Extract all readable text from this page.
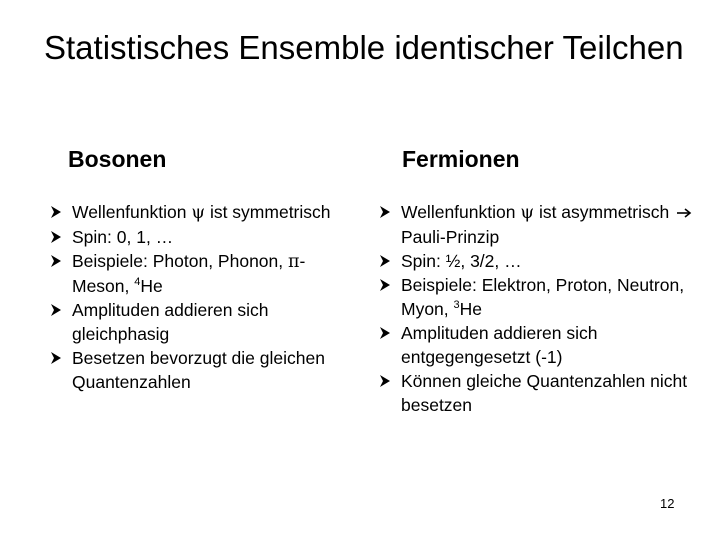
Statistisches Ensemble identischer Teilchen
Bosonen	Fermionen
Wellenfunktion ψ ist symmetrisch
Spin: 0, 1, …
Beispiele: Photon, Phonon, π-Meson, $^4$He
Amplituden addieren sich gleichphasig
Besetzen bevorzugt die gleichen Quantenzahlen
Wellenfunktion ψ ist asymmetrisch  Pauli-Prinzip
Spin: ½, 3/2, …
Beispiele: Elektron, Proton, Neutron, Myon, $^3$He
Amplituden addieren sich entgegengesetzt (-1)
Können gleiche Quantenzahlen nicht besetzen
12
